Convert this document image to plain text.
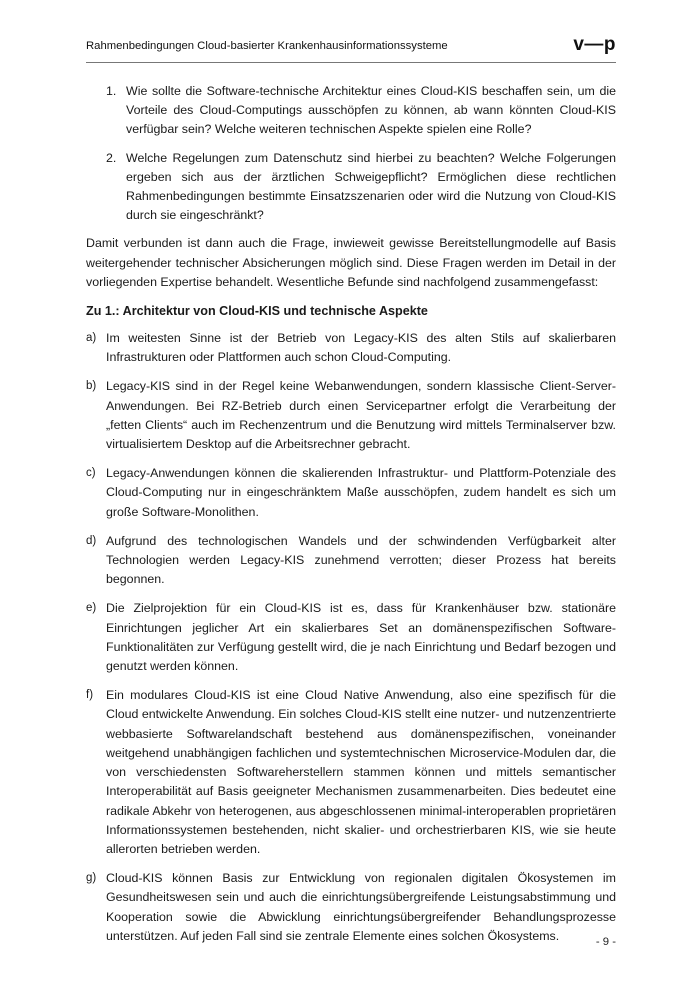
Rahmenbedingungen Cloud-basierter Krankenhausinformationssysteme	v—p
1. Wie sollte die Software-technische Architektur eines Cloud-KIS beschaffen sein, um die Vorteile des Cloud-Computings ausschöpfen zu können, ab wann könnten Cloud-KIS verfügbar sein? Welche weiteren technischen Aspekte spielen eine Rolle?
2. Welche Regelungen zum Datenschutz sind hierbei zu beachten? Welche Folgerungen ergeben sich aus der ärztlichen Schweigepflicht? Ermöglichen diese rechtlichen Rahmenbedingungen bestimmte Einsatzszenarien oder wird die Nutzung von Cloud-KIS durch sie eingeschränkt?

Damit verbunden ist dann auch die Frage, inwieweit gewisse Bereitstellungmodelle auf Basis weitergehender technischer Absicherungen möglich sind. Diese Fragen werden im Detail in der vorliegenden Expertise behandelt. Wesentliche Befunde sind nachfolgend zusammengefasst:

Zu 1.: Architektur von Cloud-KIS und technische Aspekte
a) Im weitesten Sinne ist der Betrieb von Legacy-KIS des alten Stils auf skalierbaren Infrastrukturen oder Plattformen auch schon Cloud-Computing.
b) Legacy-KIS sind in der Regel keine Webanwendungen, sondern klassische Client-Server-Anwendungen. Bei RZ-Betrieb durch einen Servicepartner erfolgt die Verarbeitung der „fetten Clients“ auch im Rechenzentrum und die Benutzung wird mittels Terminalserver bzw. virtualisiertem Desktop auf die Arbeitsrechner gebracht.
c) Legacy-Anwendungen können die skalierenden Infrastruktur- und Plattform-Potenziale des Cloud-Computing nur in eingeschränktem Maße ausschöpfen, zudem handelt es sich um große Software-Monolithen.
d) Aufgrund des technologischen Wandels und der schwindenden Verfügbarkeit alter Technologien werden Legacy-KIS zunehmend verrotten; dieser Prozess hat bereits begonnen.
e) Die Zielprojektion für ein Cloud-KIS ist es, dass für Krankenhäuser bzw. stationäre Einrichtungen jeglicher Art ein skalierbares Set an domänenspezifischen Software-Funktionalitäten zur Verfügung gestellt wird, die je nach Einrichtung und Bedarf bezogen und genutzt werden können.
f) Ein modulares Cloud-KIS ist eine Cloud Native Anwendung, also eine spezifisch für die Cloud entwickelte Anwendung. Ein solches Cloud-KIS stellt eine nutzer- und nutzenzentrierte webbasierte Softwarelandschaft bestehend aus domänenspezifischen, voneinander weitgehend unabhängigen fachlichen und systemtechnischen Microservice-Modulen dar, die von verschiedensten Softwareherstellern stammen können und mittels semantischer Interoperabilität auf Basis geeigneter Mechanismen zusammenarbeiten. Dies bedeutet eine radikale Abkehr von heterogenen, aus abgeschlossenen minimal-interoperablen proprietären Informationssystemen bestehenden, nicht skalier- und orchestrierbaren KIS, wie sie heute allerorten betrieben werden.
g) Cloud-KIS können Basis zur Entwicklung von regionalen digitalen Ökosystemen im Gesundheitswesen sein und auch die einrichtungsübergreifende Leistungsabstimmung und Kooperation sowie die Abwicklung einrichtungsübergreifender Behandlungsprozesse unterstützen. Auf jeden Fall sind sie zentrale Elemente eines solchen Ökosystems.	- 9 -
